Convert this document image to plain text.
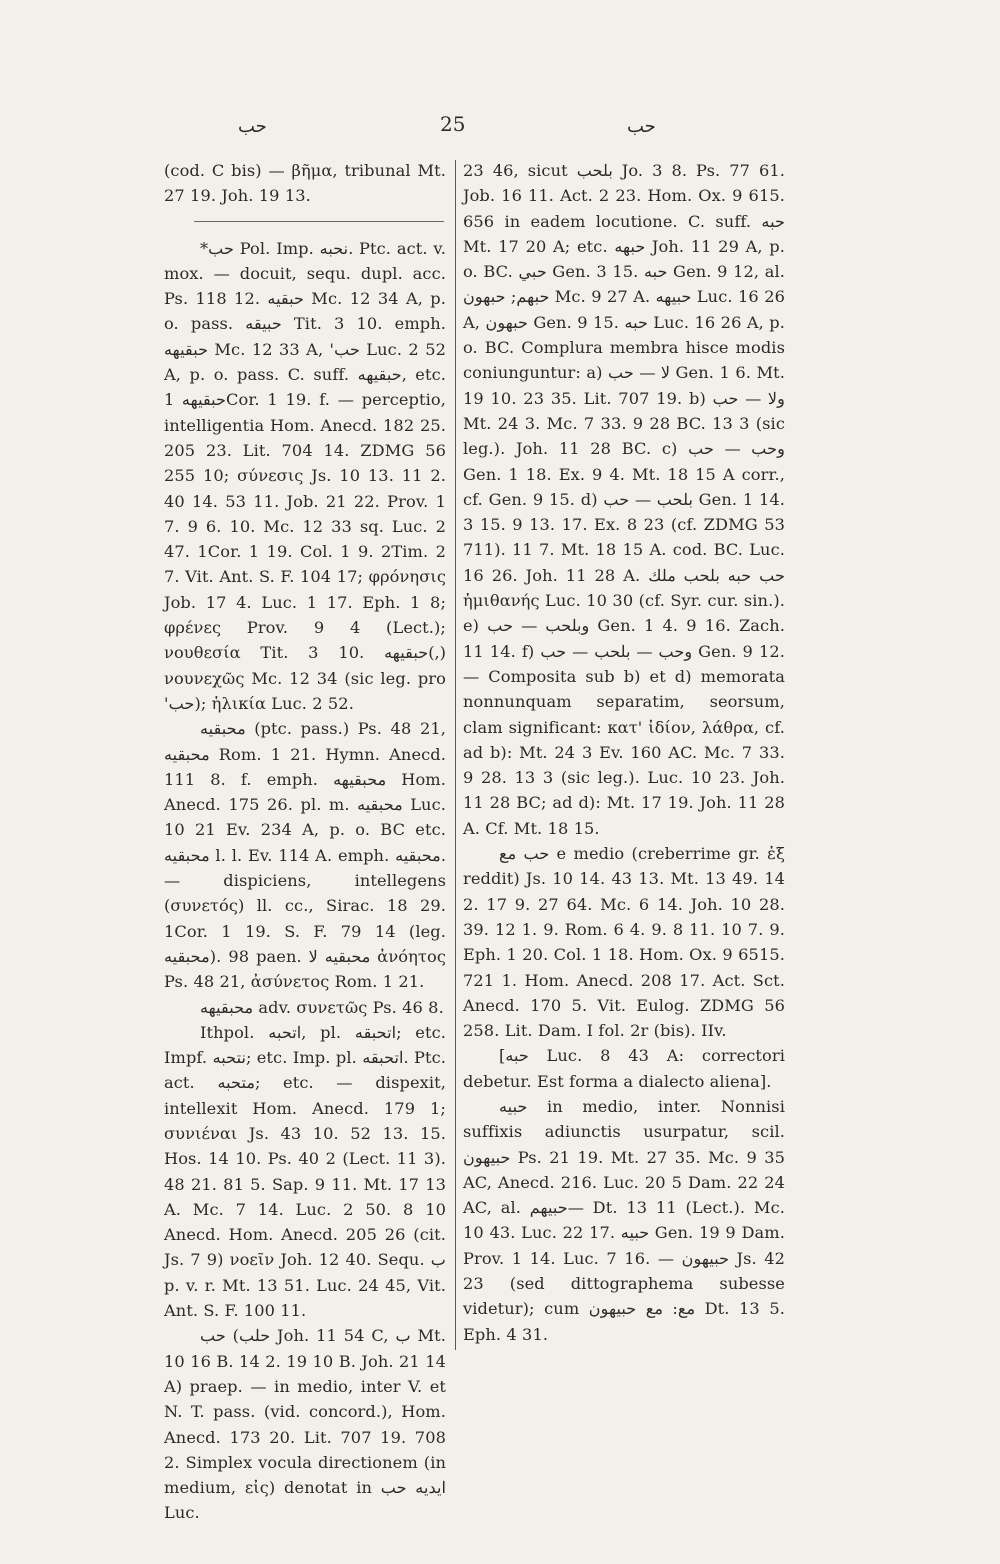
حب	25	حب

(cod. C bis) — βῆμα, tribunal Mt. 27 19. Joh. 19 13.

*حب Pol. Imp. نحبه. Ptc. act. v. mox. — docuit, sequ. dupl. acc. Ps. 118 12. حبقيه Mc. 12 34 A, p. o. pass. حبيقه Tit. 3 10. emph. حبقيهه Mc. 12 33 A, 'حب Luc. 2 52 A, p. o. pass. C. suff. حبقيهه, etc. حبقيهه 1Cor. 1 19. f. — perceptio, intelligentia Hom. Anecd. 182 25. 205 23. Lit. 704 14. ZDMG 56 255 10; σύνεσις Js. 10 13. 11 2. 40 14. 53 11. Job. 21 22. Prov. 1 7. 9 6. 10. Mc. 12 33 sq. Luc. 2 47. 1Cor. 1 19. Col. 1 9. 2Tim. 2 7. Vit. Ant. S. F. 104 17; φρόνησις Job. 17 4. Luc. 1 17. Eph. 1 8; φρένες Prov. 9 4 (Lect.); νουθεσία Tit. 3 10. حبقيهه(,) νουνεχῶς Mc. 12 34 (sic leg. pro 'حب); ἡλικία Luc. 2 52.

محبقيه (ptc. pass.) Ps. 48 21, محبقيه Rom. 1 21. Hymn. Anecd. 111 8. f. emph. محبقيهه Hom. Anecd. 175 26. pl. m. محبقيه Luc. 10 21 Ev. 234 A, p. o. BC etc. محبقيه l. l. Ev. 114 A. emph. محبقيه. — dispiciens, intellegens (συνετός) ll. cc., Sirac. 18 29. 1Cor. 1 19. S. F. 79 14 (leg. محبقيه). 98 paen. محبقيه لا ἀνόητος Ps. 48 21, ἀσύνετος Rom. 1 21.

محبقيهه adv. συνετῶς Ps. 46 8.

Ithpol. اتحبه, pl. اتحبقه; etc. Impf. نتحبه; etc. Imp. pl. اتحبقه. Ptc. act. متحبه; etc. — dispexit, intellexit Hom. Anecd. 179 1; συνιέναι Js. 43 10. 52 13. 15. Hos. 14 10. Ps. 40 2 (Lect. 11 3). 48 21. 81 5. Sap. 9 11. Mt. 17 13 A. Mc. 7 14. Luc. 2 50. 8 10 Anecd. Hom. Anecd. 205 26 (cit. Js. 7 9) νοεῖν Joh. 12 40. Sequ. ب p. v. r. Mt. 13 51. Luc. 24 45, Vit. Ant. S. F. 100 11.

حب (حلب Joh. 11 54 C, ب Mt. 10 16 B. 14 2. 19 10 B. Joh. 21 14 A) praep. — in medio, inter V. et N. T. pass. (vid. concord.), Hom. Anecd. 173 20. Lit. 707 19. 708 2. Simplex vocula directionem (in medium, εἰς) denotat in ايديه حب Luc.

23 46, sicut بلحب Jo. 3 8. Ps. 77 61. Job. 16 11. Act. 2 23. Hom. Ox. 9 615. 656 in eadem locutione. C. suff. حبه Mt. 17 20 A; etc. حبهه Joh. 11 29 A, p. o. BC. حبي Gen. 3 15. حبه Gen. 9 12, al. حبهم; حبهون Mc. 9 27 A. حبيهه Luc. 16 26 A, حبهون Gen. 9 15. حبه Luc. 16 26 A, p. o. BC. Complura membra hisce modis coniunguntur: a) لا — حب Gen. 1 6. Mt. 19 10. 23 35. Lit. 707 19. b) ولا — حب Mt. 24 3. Mc. 7 33. 9 28 BC. 13 3 (sic leg.). Joh. 11 28 BC. c) وحب — حب Gen. 1 18. Ex. 9 4. Mt. 18 15 A corr., cf. Gen. 9 15. d) بلحب — حب Gen. 1 14. 3 15. 9 13. 17. Ex. 8 23 (cf. ZDMG 53 711). 11 7. Mt. 18 15 A. cod. BC. Luc. 16 26. Joh. 11 28 A. حب حبه بلحب ملك ἡμιθανής Luc. 10 30 (cf. Syr. cur. sin.). e) وبلحب — حب Gen. 1 4. 9 16. Zach. 11 14. f) وحب — بلحب — حب Gen. 9 12. — Composita sub b) et d) memorata nonnunquam separatim, seorsum, clam significant: κατ' ἰδίον, λάθρα, cf. ad b): Mt. 24 3 Ev. 160 AC. Mc. 7 33. 9 28. 13 3 (sic leg.). Luc. 10 23. Joh. 11 28 BC; ad d): Mt. 17 19. Joh. 11 28 A. Cf. Mt. 18 15.

حب مع e medio (creberrime gr. ἐξ reddit) Js. 10 14. 43 13. Mt. 13 49. 14 2. 17 9. 27 64. Mc. 6 14. Joh. 10 28. 39. 12 1. 9. Rom. 6 4. 9. 8 11. 10 7. 9. Eph. 1 20. Col. 1 18. Hom. Ox. 9 6515. 721 1. Hom. Anecd. 208 17. Act. Sct. Anecd. 170 5. Vit. Eulog. ZDMG 56 258. Lit. Dam. I fol. 2r (bis). IIv.

[حبه Luc. 8 43 A: correctori debetur. Est forma a dialecto aliena].

حبيه in medio, inter. Nonnisi suffixis adiunctis usurpatur, scil. حبيهون Ps. 21 19. Mt. 27 35. Mc. 9 35 AC, Anecd. 216. Luc. 20 5 Dam. 22 24 AC, al. حبيهم— Dt. 13 11 (Lect.). Mc. 10 43. Luc. 22 17. حبيه Gen. 19 9 Dam. Prov. 1 14. Luc. 7 16. — حبيهون Js. 42 23 (sed dittographema subesse videtur); cum مع: مع حبيهون Dt. 13 5. Eph. 4 31.
